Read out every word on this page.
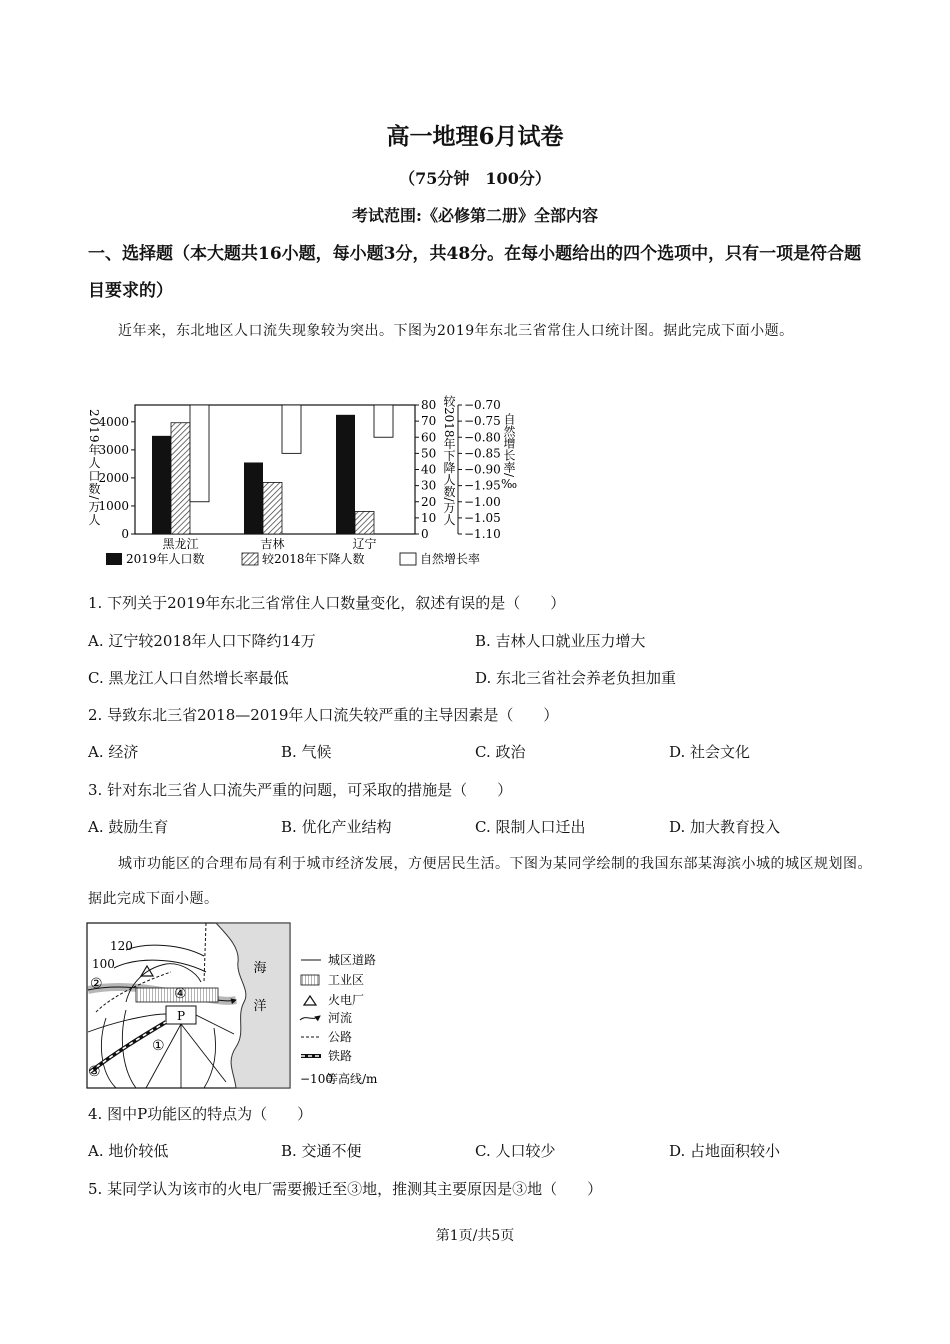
高一地理6月试卷
（75分钟　100分）
考试范围:《必修第二册》全部内容
一、选择题（本大题共16小题，每小题3分，共48分。在每小题给出的四个选项中，只有一项是符合题目要求的）
近年来，东北地区人口流失现象较为突出。下图为2019年东北三省常住人口统计图。据此完成下面小题。
4000
3000
2000
1000
0
2019年人口数/万人
80
70
60
50
40
30
20
10
0
较2018年下降人数/万人 −0.70
−0.75
−0.80
−0.85
−0.90
−1.95
−1.00
−1.05
−1.10
自然增长率/‰
黑龙江	吉林	辽宁
2019年人口数	较2018年下降人数	自然增长率
1. 下列关于2019年东北三省常住人口数量变化，叙述有误的是（　　）
A. 辽宁较2018年人口下降约14万	B. 吉林人口就业压力增大
C. 黑龙江人口自然增长率最低	D. 东北三省社会养老负担加重
2. 导致东北三省2018—2019年人口流失较严重的主导因素是（　　）
A. 经济	B. 气候	C. 政治	D. 社会文化
3. 针对东北三省人口流失严重的问题，可采取的措施是（　　）
A. 鼓励生育	B. 优化产业结构	C. 限制人口迁出	D. 加大教育投入
城市功能区的合理布局有利于城市经济发展，方便居民生活。下图为某同学绘制的我国东部某海滨小城的城区规划图。据此完成下面小题。
海
洋
120
100
P
①
②
③
④
−100
城区道路
工业区
火电厂
河流
公路
铁路
等高线/m
4. 图中P功能区的特点为（　　）
A. 地价较低	B. 交通不便	C. 人口较少	D. 占地面积较小
5. 某同学认为该市的火电厂需要搬迁至③地，推测其主要原因是③地（　　）
第1页/共5页
